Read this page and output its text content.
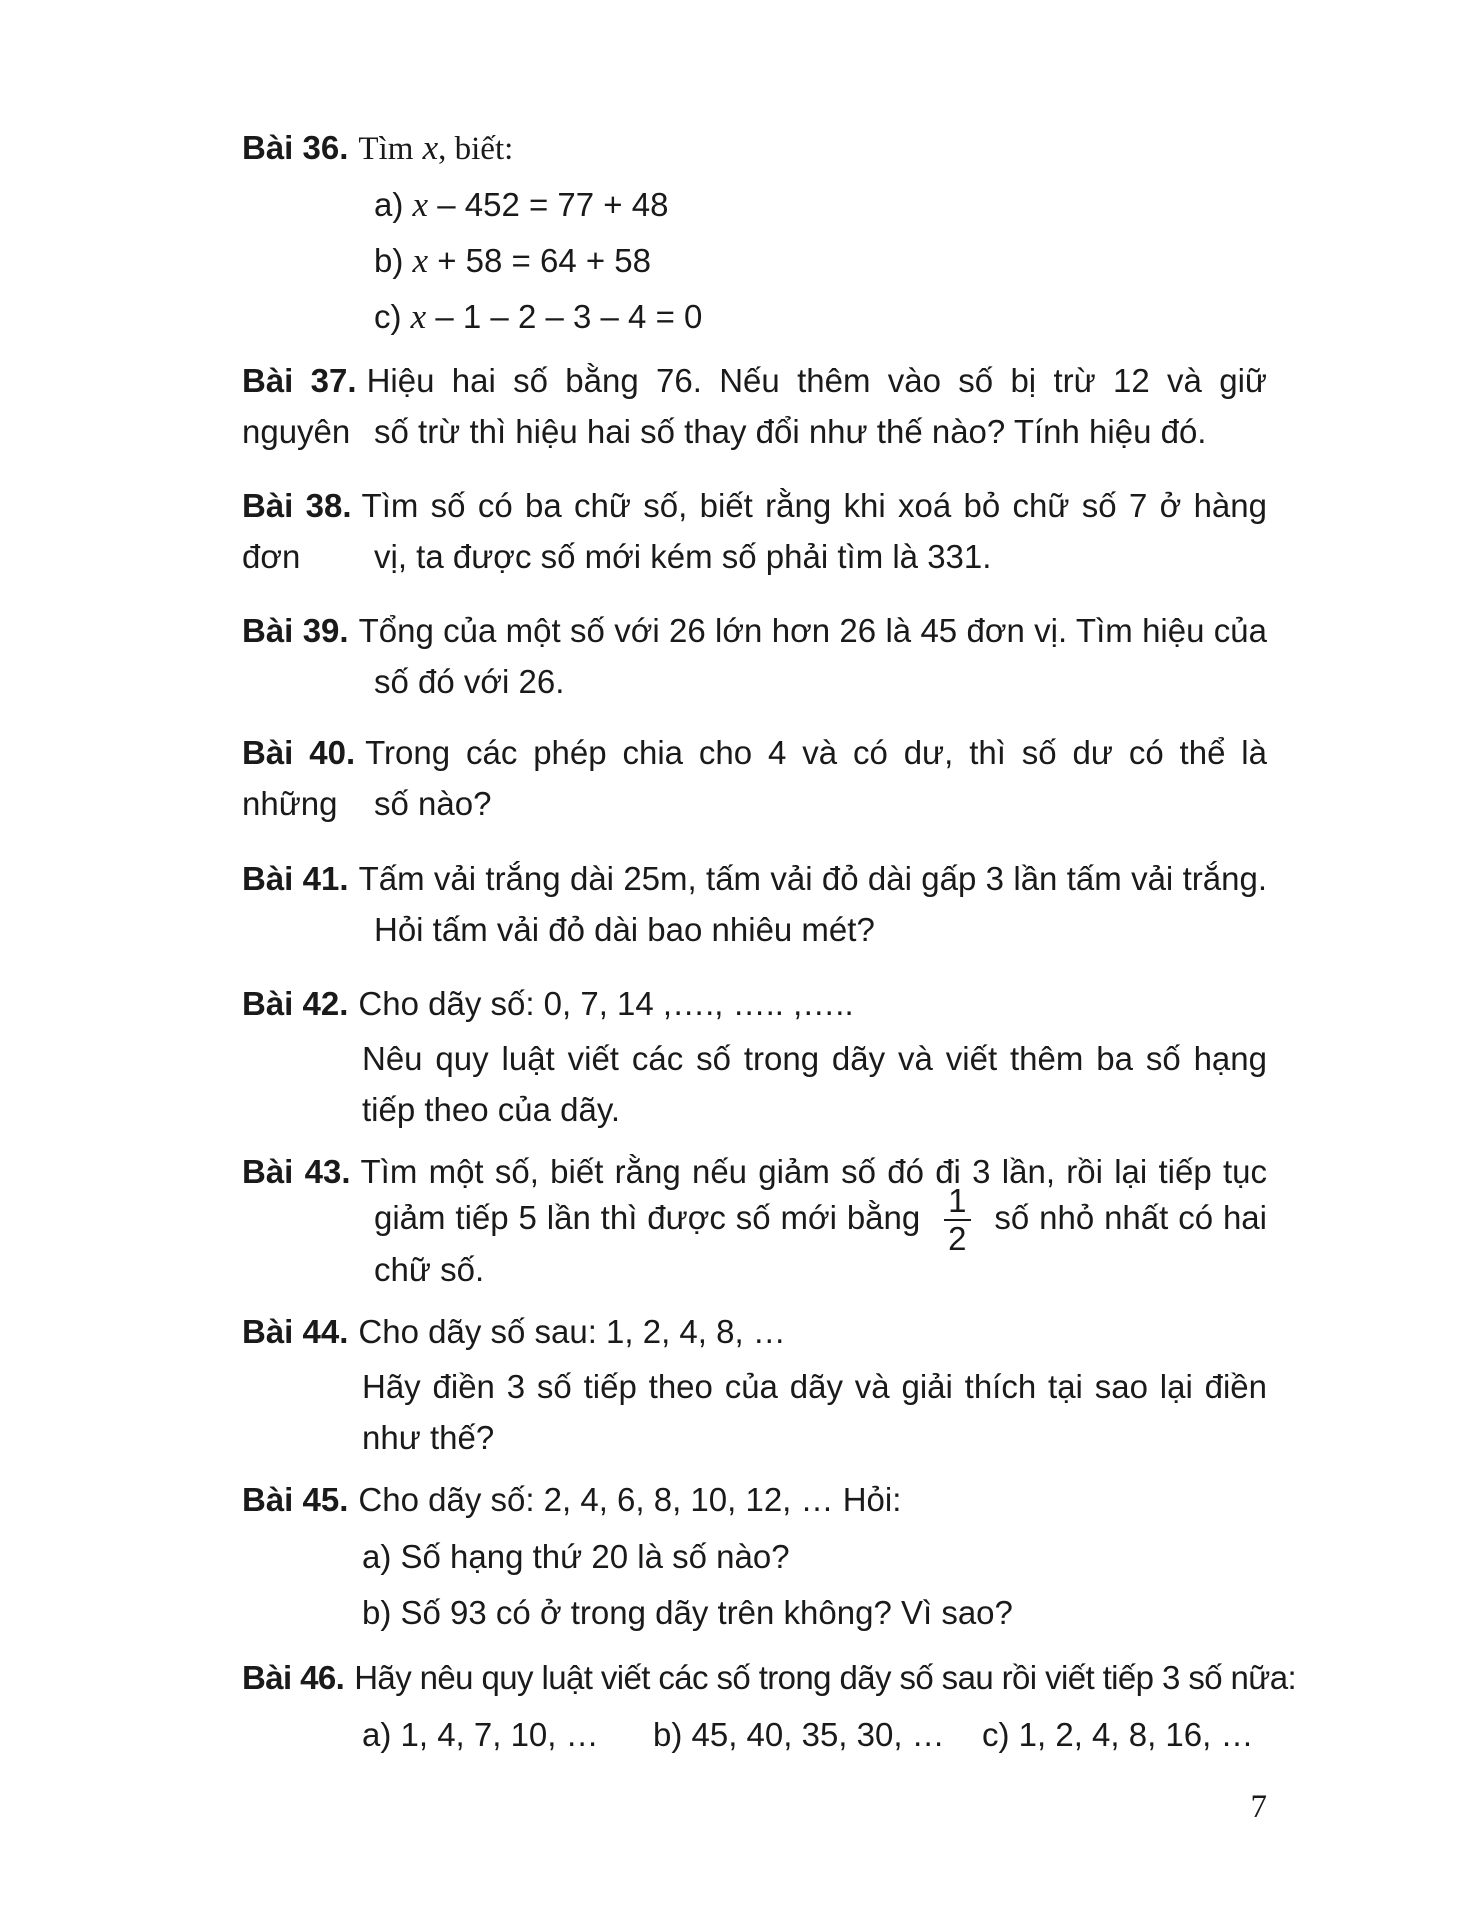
Bài 36. Tìm x, biết:
a) x – 452 = 77 + 48
b) x + 58 = 64 + 58
c) x – 1 – 2 – 3 – 4 = 0
Bài 37. Hiệu hai số bằng 76. Nếu thêm vào số bị trừ 12 và giữ nguyên số trừ thì hiệu hai số thay đổi như thế nào? Tính hiệu đó.
Bài 38. Tìm số có ba chữ số, biết rằng khi xoá bỏ chữ số 7 ở hàng đơn	vị, ta được số mới kém số phải tìm là 331.
Bài 39. Tổng của một số với 26 lớn hơn 26 là 45 đơn vị. Tìm hiệu của
số đó với 26.
Bài 40. Trong các phép chia cho 4 và có dư, thì số dư có thể là những	số nào?
Bài 41. Tấm vải trắng dài 25m, tấm vải đỏ dài gấp 3 lần tấm vải trắng.
Hỏi tấm vải đỏ dài bao nhiêu mét?
Bài 42. Cho dãy số: 0, 7, 14 ,…., ….. ,…..
Nêu quy luật viết các số trong dãy và viết thêm ba số hạng
tiếp theo của dãy.
Bài 43. Tìm một số, biết rằng nếu giảm số đó đi 3 lần, rồi lại tiếp tục
giảm tiếp 5 lần thì được số mới bằng $\frac{1}{2}$ số nhỏ nhất có hai
chữ số.
Bài 44. Cho dãy số sau: 1, 2, 4, 8, …
Hãy điền 3 số tiếp theo của dãy và giải thích tại sao lại điền
như thế?
Bài 45. Cho dãy số: 2, 4, 6, 8, 10, 12, … Hỏi:
a) Số hạng thứ 20 là số nào?
b) Số 93 có ở trong dãy trên không? Vì sao?
Bài 46. Hãy nêu quy luật viết các số trong dãy số sau rồi viết tiếp 3 số nữa:
a) 1, 4, 7, 10, … b) 45, 40, 35, 30, … c) 1, 2, 4, 8, 16, …
7
